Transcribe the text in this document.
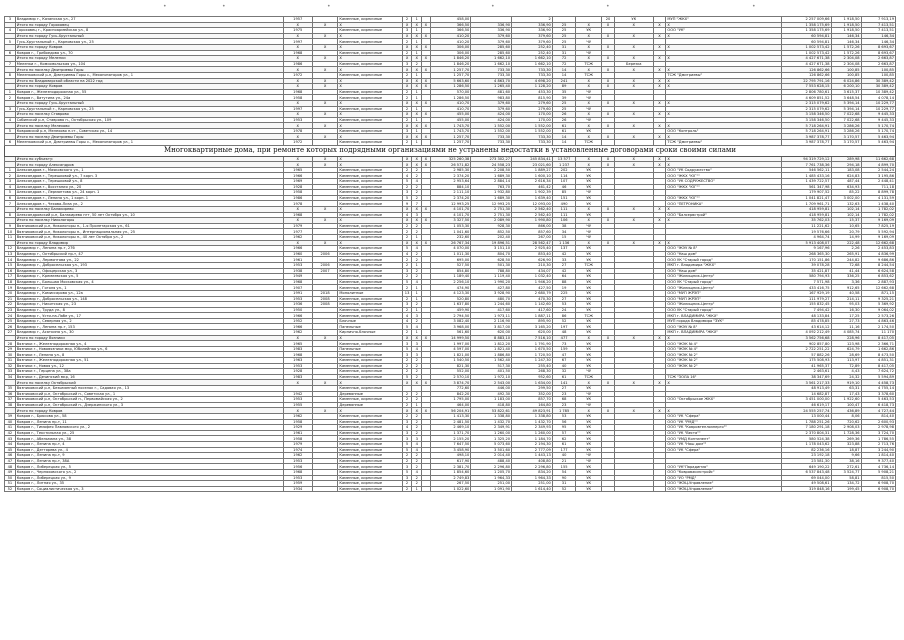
•	•	•	•	•	•
3	Владимир г., Казанская ул., 27	1957		Каменные, кирпичные	2	1		458,00		2			20	УК		МУП "ЖКХ"	2 257 009,66	1 918,50	7 913,19
	Итого по городу Гороховец	X	X	X	X	X	X	366,50	336,90	336,90	25	X	X	X	X	X	1 358 175,69	1 918,50	7 413,51
4	Гороховец г., Красноармейская ул., 8	1975		Каменные, кирпичные	3	1		366,50	336,90	336,90	25	УК				ООО "УК"	1 358 175,69	1 918,50	7 413,51
	Итого по городу Гусь-Хрустальный	X	X	X	X	X	X	410,20	379,60	379,60	25	X	X	X	X	X	60 594,81	146,34	146,34
5	Гусь-Хрустальный г., Карповская ул., 25	1997		Каменные, кирпичные	2	1		410,20	379,60	379,60	25	ЧУ					60 594,81	146,34	146,34
	Итого по городу Ковров	X	X	X	X	X	X	306,00	285,60	252,40	31	X	X	X	X	X	1 002 573,42	1 572,26	8 693,67
6	Ковров г., Грибоедова ул., 70	1968		Каменные, кирпичные	2	1		306,00	285,60	252,40	31	ЧУ					1 002 573,42	1 572,26	8 693,67
	Итого по городу Меленки	X	X	X	X	X	X	1 846,20	1 662,10	1 662,10	72	X	X	X	X	X	4 427 671,38	2 304,08	2 663,87
7	Меленки г., Комсомольская ул., 104	1986		Каменные, кирпичные	3	2		1 846,20	1 662,10	1 662,10	72	ТСЖ		Березка			4 427 671,38	2 304,08	2 663,87
	Итого по поселку Дмитриевы Горы	X	X	X	X	X	X	1 257,70	733,30	733,30	14	X	X	X	X	X	126 862,66	100,85	100,85
8	Меленковский р-н, Дмитриевы Горы с., Механизаторов ул., 1	1972		Каменные, кирпичные	2	1		1 257,70	733,30	733,30	14	ТСЖ				ТСЖ "Дмитриевы"	126 862,66	100,85	100,85
	Итого по Владимирской области на 2022 год	X	X	X	X	X	X	5 663,60	4 863,70	4 698,20	241	X	X	X	X	X	22 795 791,16	6 024,86	30 389,42
	Итого по городу Ковров	X	X	X	X	X	X	1 286,50	1 265,40	1 128,20	89	X	X	X	X	X	7 553 628,15	6 200,10	30 389,42
1	Ковров г., Железнодорожная ул., 55	1968		Каменные, кирпичные	2	1		570,00	481,60	453,30	35	ЧУ					2 806 780,61	3 615,37	10 389,42
2	Ковров г., Ватутина ул., 24а	1958		Каменные, кирпичные	2	1		1 286,50	983,80	815,90	39	ЧУ					4 609 851,52	3 648,54	4 078,14
	Итого по городу Гусь-Хрустальный	X	X	X	X	X	X	410,70	379,60	279,60	25	X	X	X	X	X	2 315 079,62	5 394,14	10 229,77
3	Гусь-Хрустальный г., Карповская ул., 25	1997		Каменные, кирпичные	2	1		410,70	379,60	279,60	25	ЧУ					2 315 079,62	5 394,14	10 229,77
	Итого по поселку Ставрово	X	X	X	X	X	X	455,00	424,00	170,00	26	X	X	X	X	X	3 158 346,50	7 022,68	9 445,33
4	Собинский р-н, Ставрово п., Октябрьская ул., 109	1953		Каменные, кирпичные	2	1		455,00	424,00	170,00	26	ЧУ					3 158 346,50	7 022,68	9 445,33
	Итого по поселку Мелехово	X	X	X	X	X	X	1 743,70	1 552,00	1 552,00	61	X	X	X	X	X	5 718 264,91	3 286,26	5 170,74
5	Ковровский р-н, Мелехово п.ст., Советская ул., 14	1978		Каменные, кирпичные	3	1		1 743,70	1 552,00	1 552,00	61	УК				ООО "Контроль"	5 718 264,91	3 286,26	5 170,74
	Итого по поселку Дмитриевы Горы	X	X	X	X	X	X	1 257,70	733,30	733,30	14	X	X	X	X	X	3 987 378,77	3 170,57	5 463,94
6	Меленковский р-н, Дмитриевы Горы с., Механизаторов ул., 1	1972		Каменные, кирпичные	2	1		1 257,70	733,30	733,30	14	ТСЖ				ТСЖ "Дмитриевы"	3 987 378,77	3 170,57	5 463,94
Многоквартирные дома, при ремонте которых подрядными организациями не устранены недостатки в установленные договорами сроки своими силами																			
	Итого по субъекту:	X	X	X	X	X	X	325 260,38	273 302,27	245 834,41	13 577	X	X	X	X	X	94 319 729,12	289,98	11 662,68
	Итого по городу Александров	X	X	X	X	X	X	26 571,82	24 558,23	23 021,60	1 237	X	X	X	X	X	7 761 738,36	294,18	4 899,70
1	Александров г., Маяковского ул., 1	1965		Каменные, кирпичные	2	2		2 985,30	2 208,50	1 889,27	202	УК				ООО "УК Содружество"	546 562,11	183,08	2 544,24
2	Александров г., Терешковой ул., 7 корп. 3	1966		Каменные, кирпичные	4	2		2 374,20	1 689,30	1 600,10	114	УК				ООО "ЖКХ "ЮГ""	1 485 433,16	624,83	3 195,86
3	Александров г., Терешковой ул., 8	1969		Каменные, кирпичные	5	4		2 953,64	2 884,14	2 616,34	107	УК				ООО "УК СОДРУЖЕСТВО"	1 439 722,57	487,44	2 448,41
4	Александров г., Восстания ул., 20	1928		Каменные, кирпичные	2	2		884,10	763,70	461,42	46	УК				ООО "ЖКХ "ЮГ""	561 347,98	634,93	711,18
5	Александров г., Лермонтова ул., 24 корп. 1	1958		Каменные, кирпичные	3	2		2 111,10	1 932,80	1 902,39	85	ЧУ					179 907,52	85,22	8 899,78
6	Александров г., Ленина ул., 1 корп. 1	1986		Каменные, кирпичные	5	2		2 374,20	1 689,30	1 639,40	151	УК				ООО "ЖКХ "ЮГ""	1 041 821,47	3 002,00	4 131,59
7	Александров г., Чехова-Лиза ул., 2	1978		Каменные, кирпичные	9	7		12 993,25	12 993,25	12 093,00	490	УК				ООО "ПЕТРОНИКА"	1 709 961,71	132,63	1 438,40
	Итого по поселку Балакирево	X	X	X	X	X	X	4 101,70	2 751,30	2 562,40	111	X	X	X	X	X	418 959,81	102,14	1 782,02
8	Александровский р-н, Балакирево пгт, 50 лет Октября ул., 10	1968		Каменные, кирпичные	4	3		4 101,70	2 751,30	2 562,40	111	УК				ООО "Балсервстрой"	418 959,81	102,14	1 782,02
	Итого по поселку Никологоры	X	X	X	X	X	X	3 327,50	2 089,90	1 990,80	106	X	X	X	X	X	35 762,03	15,37	9 169,09
9	Вязниковский р-н, Никологоры п., 1-я Пролетарская ул., 61	1979		Каменные, кирпичные	2	2		1 053,30	928,30	866,00	38	ЧУ					11 221,62	10,65	7 825,19
10	Вязниковский р-н, Никологоры п., Интернациональная ул., 25	1977		Каменные, кирпичные	2	2		1 041,60	852,50	857,60	34	ЧУ					19 576,66	20,79	5 592,94
11	Вязниковский р-н, Никологоры п., 40 лет Октября ул., 2	1962		Каменные, кирпичные	2	1		232,60	202,40	267,00	15	ЧУ					4 964,74	14,99	9 169,09
	Итого по городу Владимир	X	X	X	X	X	X	26 767,34	19 896,51	28 562,47	1 136	X	X	X	X	X	5 913 408,07	222,48	12 662,68
12	Владимир г., Ленина пр-т, 27б	1966		Каменные, кирпичные	5	4		4 070,00	3 151,10	2 925,40	137	УК				ООО "ЖЭУ № 8"	9 167,96	2,26	2 453,83
13	Владимир г., Октябрьский пр-т, 47	1960	2006	Каменные, кирпичные	4	2		1 011,30	804,70	853,40	42	УК				ООО "Наш дом"	268 365,30	265,91	4 836,99
14	Владимир г., Лермонтова ул., 22	1961		Каменные, кирпичные	2	2		695,00	628,50	626,90	33	УК				ООО УК "Старый город"	170 151,86	244,82	9 686,86
15	Владимир г., Добросельская ул., 193	1953	2006	Каменные, кирпичные	2	1		527,50	501,30	210,30	27	ТСЖ				МКП г. Владимира "ЖКХ"	39 078,28	72,68	8 244,54
16	Владимир г., Офицерская ул., 3	1938	2007	Каменные, кирпичные	3	2		854,80	788,80	434,07	42	УК				ООО "Наш дом"	35 421,87	41,44	6 624,58
17	Владимир г., Кремлевская ул., 5	1949		Каменные, кирпичные	2	2		1 189,40	1 119,40	1 032,40	64	УК				ООО "Жилищник-Центр"	580 794,93	336,25	6 853,62
18	Владимир г., Большая Московская ул., 4	1968		Каменные, кирпичные	5	4		2 256,10	1 990,20	1 946,20	88	УК				ООО УК "Старый город"	7 571,98	3,36	2 887,93
19	Владимир г., Гоголя ул., 1	1907		Каменные, кирпичные	2	1		474,90	427,80	427,50	19	УК				ООО "Жилищник-Центр"	433 416,75	912,65	12 662,68
20	Владимир г., Комиссарова ул., 12а	1991	2018	Монолитные	13	1		4 123,30	3 928,90	2 680,79	225	УК				ООО "МУП ЖРЭП"	167 929,19	40,58	871,15
21	Владимир г., Добросельская ул., 148	1953	2008	Каменные, кирпичные	2	1		520,80	480,70	470,30	27	УК				ООО "МУП ЖРЭП"	111 979,27	214,11	9 325,21
22	Владимир г., Никитская ул., 23	1936	2008	Каменные, кирпичные	3	2		1 637,80	1 244,60	1 142,60	53	УК				ООО "Жилищник-Центр"	155 832,45	95,03	5 369,92
23	Владимир г., Труда ул., 8	1950		Каменные, кирпичные	2	1		459,90	417,60	417,60	24	УК				ООО УК "Старый город"	7 494,42	16,30	9 064,02
24	Владимир г., Усти-на-Лабе ул., 17	1966		Каменные, кирпичные	4	3		2 794,50	1 973,11	1 887,11	86	ТСЖ				МКП г. ВЛАДИМИРА "ЖКХ"	48 133,84	17,25	2 573,26
25	Владимир г., Северная ул., 2	1952		Блочные	4	2		3 082,40	2 116,90	895,90	52	УК				МУП города Владимира "ЗУК"	85 478,85	27,73	4 863,46
26	Владимир г., Ленина пр-т, 153	1966		Панельные	5	4		3 968,00	3 817,00	3 165,20	197	УК				ООО "ЖЭУ № 8"	43 614,12	11,16	2 174,50
27	Владимир г., Асаткина ул., 30	1962		Кирпично-блочные	2	1		561,60	620,00	620,00	48	УК				МКП г. ВЛАДИМИРА "ЖКХ"	4 092 212,49	4 085,74	11 170
	Итого по городу Вязники	X	X	X	X	X	X	14 999,50	8 883,10	7 516,10	477	X	X	X	X	X	3 562 756,68	228,96	8 417,05
28	Вязники г., Железнодорожная ул., 4	1965		Каменные, кирпичные	3	3		1 997,00	1 812,20	1 791,90	73	УК				ООО "ЖЭК № 4"	902 857,80	123,98	2 366,71
29	Вязники г., Нововязники мкр, Юбилейная ул., 6	1983		Панельные	5	4		4 597,00	1 821,40	1 670,50	159	УК				ООО "ЖЭК № 4"	2 722 251,22	624,79	1 662,86
30	Вязники г., Ленина ул., 8	1968		Каменные, кирпичные	3	3		1 821,00	1 886,80	1 720,50	47	УК				ООО "ЖЭК № 2"	57 882,26	28,69	8 473,50
31	Вязники г., Железнодорожная ул., 51	1963		Каменные, кирпичные	2	2		1 540,50	1 562,40	1 247,30	67	УК				ООО "ЖЭК № 2"	175 508,93	113,97	4 851,31
32	Вязники г., Новая ул., 12	1953		Каменные, кирпичные	2	2		821,30	517,30	255,40	40	УК				ООО "ЖЭК № 2"	41 965,37	72,89	8 417,05
33	Вязники г., Герцена ул., 38а	1928		Каменные, кирпичные	2	2		552,00	401,50	268,30	32	ЧУ					2 463,61	4,43	7 624,72
34	Вязники г., Дечинский мкр, 16	1983		Каменные, кирпичные	5	2		2 570,10	1 972,10	952,60	61	ТСЖ				ТСЖ "ЗОЛА 16"	38 347,69	24,32	5 594,89
	Итого по поселку Октябрьский	X	X	X	X	X	X	3 874,70	2 543,00	1 634,00	141	X	X	X	X	X	3 561 217,33	919,10	4 458,73
35	Вязниковский р-н, Безымянный поселок г., Садовая ул., 13			Каменные, кирпичные				772,60	446,00	299,50	27	УК					48 913,49	63,31	4 755,14
36	Вязниковский р-н, Октябрьский п., Советская ул., 1	1942		Деревянные	2	2		842,20	492,30	352,00	23	ЧУ					14 682,87	17,43	3 378,60
37	Вязниковский р-н, Октябрьский п., Первомайская ул., 2	1953		Каменные, кирпичные	2	2		1 795,00	1 183,00	857,70	68	УК				ООО "Октябрьское ЖКХ"	3 451 000,00	1 922,60	5 463,53
38	Вязниковский р-н, Октябрьский п., Дзержинского ул., 3	1955		Деревянные	2	1		464,00	418,80	164,80	23	ЧУ					46 619,17	100,47	6 418,73
	Итого по городу Ковров	X	X	X	X	X	X	56 204,91	53 822,61	49 823,91	1 785	X	X	X	X	X	24 555 257,74	436,89	4 727,44
39	Ковров г., Брюсова ул., 58	1962		Каменные, кирпичные	2	2		1 413,30	1 338,80	1 338,80	53	УК				ООО "УК "Сфера"	13 000,44	8,06	814,40
40	Ковров г., Ленина пр-т, 11	1958		Каменные, кирпичные	3	2		2 481,50	1 432,70	1 432,70	56	УК				ООО "УК "РМД""	1 788 251,26	720,62	2 600,93
41	Ковров г., Тимофея Павловского ул., 2	1929		Каменные, кирпичные	4	2		2 469,10	2 349,91	2 349,93	95	УК				ООО "УК "Ковровтеплоэнерго""	7 180 291,18	2 908,03	2 978,98
42	Ковров г., Текстильная ул., 25	1961		Каменные, кирпичные	3	2		1 371,70	1 260,00	1 260,00	57	УК				ООО "УК "Веста""	2 370 804,31	1 728,36	3 724,70
43	Ковров г., Абельмана ул., 38	1958		Каменные, кирпичные	3	3		2 155,20	1 325,20	1 184,70	62	УК				ООО "УМД Континент"	580 524,38	269,36	1 786,55
44	Ковров г., Ленина пр-т, 4	1979		Каменные, кирпичные	5	4		7 647,50	5 073,60	2 194,30	61	УК				ООО "УК "Наш дом""	1 178 043,62	323,88	2 713,76
45	Ковров г., Дегтярева ул., 4	1974		Каменные, кирпичные	5	4		3 458,90	3 501,60	2 777,09	177	УК				ООО "УК "Сфера"	82 236,16	18,87	3 244,90
46	Ковров г., Ленина пр-т, 9	1962		Каменные, кирпичные	2	2		498,10	2 014,40	1 443,13	40	ЧУ					23 192,18	9,66	1 814,40
47	Ковров г., Ленина пр-т, 38А	1953		Каменные, кирпичные	2	2		617,90	488,40	408,80	21	ЧУ					23 581,30	38,16	9 377,40
48	Ковров г., Либерецкая ул., 5	1956		Каменные, кирпичные	3	2		2 381,70	2 296,80	2 296,80	155	УК				ООО "УК"Парадигма"	649 190,22	272,61	4 736,14
49	Ковров г., Черняховского ул., 2	1968		Каменные, кирпичные	5	4		1 854,60	1 205,70	834,20	54	УК				ООО "Ковровжилстройс"	6 537 843,48	3 524,77	5 908,21
50	Ковров г., Либерецкая ул., 9	1953		Каменные, кирпичные	3	2		2 749,83	1 964,33	1 964,33	90	УК				ООО "УО "РМД"	69 044,00	58,81	815,50
51	Ковров г., Литная ул., 35	1959		Каменные, кирпичные	2	2		267,50	251,00	251,00	31	УК				ООО "ЖЭЦ-Управление"	49 508,61	134,72	6 908,70
52	Ковров г., Социалистическая ул., 3	1934		Каменные, кирпичные	2	1		1 022,60	1 091,90	1 614,40	52	УК				ООО "ЖЭЦ-Управление"	319 848,16	199,45	6 908,70
